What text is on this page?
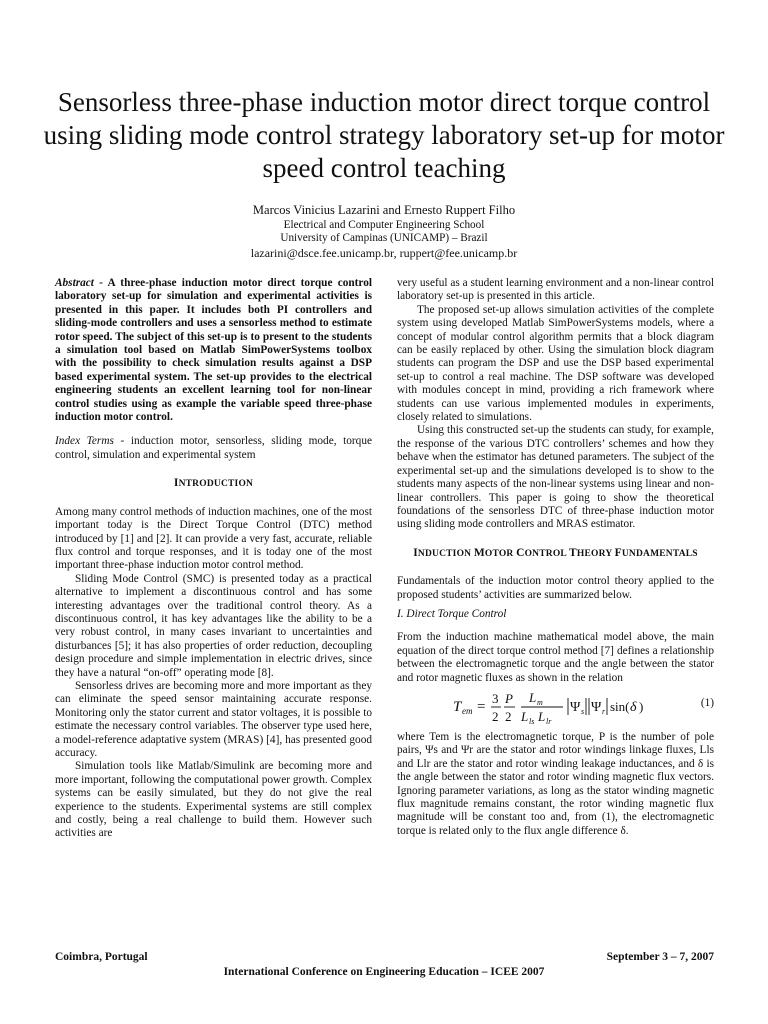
Sensorless three-phase induction motor direct torque control using sliding mode control strategy laboratory set-up for motor speed control teaching
Marcos Vinicius Lazarini and Ernesto Ruppert Filho
Electrical and Computer Engineering School
University of Campinas (UNICAMP) – Brazil
lazarini@dsce.fee.unicamp.br, ruppert@fee.unicamp.br

Abstract - A three-phase induction motor direct torque control laboratory set-up for simulation and experimental activities is presented in this paper. It includes both PI controllers and sliding-mode controllers and uses a sensorless method to estimate rotor speed. The subject of this set-up is to present to the students a simulation tool based on Matlab SimPowerSystems toolbox with the possibility to check simulation results against a DSP based experimental system. The set-up provides to the electrical engineering students an excellent learning tool for non-linear control studies using as example the variable speed three-phase induction motor control.

Index Terms - induction motor, sensorless, sliding mode, torque control, simulation and experimental system

INTRODUCTION

Among many control methods of induction machines, one of the most important today is the Direct Torque Control (DTC) method introduced by [1] and [2]. It can provide a very fast, accurate, reliable flux control and torque responses, and it is today one of the most important three-phase induction motor control method.

Sliding Mode Control (SMC) is presented today as a practical alternative to implement a discontinuous control and has some interesting advantages over the traditional control theory. As a discontinuous control, it has key advantages like the ability to be a very robust control, in many cases invariant to uncertainties and disturbances [5]; it has also properties of order reduction, decoupling design procedure and simple implementation in electric drives, since they have a natural “on-off” operating mode [8].

Sensorless drives are becoming more and more important as they can eliminate the speed sensor maintaining accurate response. Monitoring only the stator current and stator voltages, it is possible to estimate the necessary control variables. The observer type used here, a model-reference adaptative system (MRAS) [4], has presented good accuracy.

Simulation tools like Matlab/Simulink are becoming more and more important, following the computational power growth. Complex systems can be easily simulated, but they do not give the real experience to the students. Experimental systems are still complex and costly, being a real challenge to build them. However such activities are

very useful as a student learning environment and a non-linear control laboratory set-up is presented in this article.

The proposed set-up allows simulation activities of the complete system using developed Matlab SimPowerSystems models, where a concept of modular control algorithm permits that a block diagram can be easily replaced by other. Using the simulation block diagram students can program the DSP and use the DSP based experimental set-up to control a real machine. The DSP software was developed with modules concept in mind, providing a rich framework where students can use various implemented modules in experiments, closely related to simulations.

Using this constructed set-up the students can study, for example, the response of the various DTC controllers’ schemes and how they behave when the estimator has detuned parameters. The subject of the experimental set-up and the simulations developed is to show to the students many aspects of the non-linear systems using linear and non-linear controllers. This paper is going to show the theoretical foundations of the sensorless DTC of three-phase induction motor using sliding mode controllers and MRAS estimator.

INDUCTION MOTOR CONTROL THEORY FUNDAMENTALS

Fundamentals of the induction motor control theory applied to the proposed students’ activities are summarized below.

I. Direct Torque Control

From the induction machine mathematical model above, the main equation of the direct torque control method [7] defines a relationship between the electromagnetic torque and the angle between the stator and rotor magnetic fluxes as shown in the relation

T em =
3
2
P
2
L m
L ls L lr
Ψ s Ψ r sin( δ )	(1)

where Tem is the electromagnetic torque, P is the number of pole pairs, Ψs and Ψr are the stator and rotor windings linkage fluxes, Lls and Llr are the stator and rotor winding leakage inductances, and δ is the angle between the stator and rotor winding magnetic flux vectors. Ignoring parameter variations, as long as the stator winding magnetic flux magnitude remains constant, the rotor winding magnetic flux magnitude will be constant too and, from (1), the electromagnetic torque is related only to the flux angle difference δ.

Coimbra, Portugal	September 3 – 7, 2007
International Conference on Engineering Education – ICEE 2007
